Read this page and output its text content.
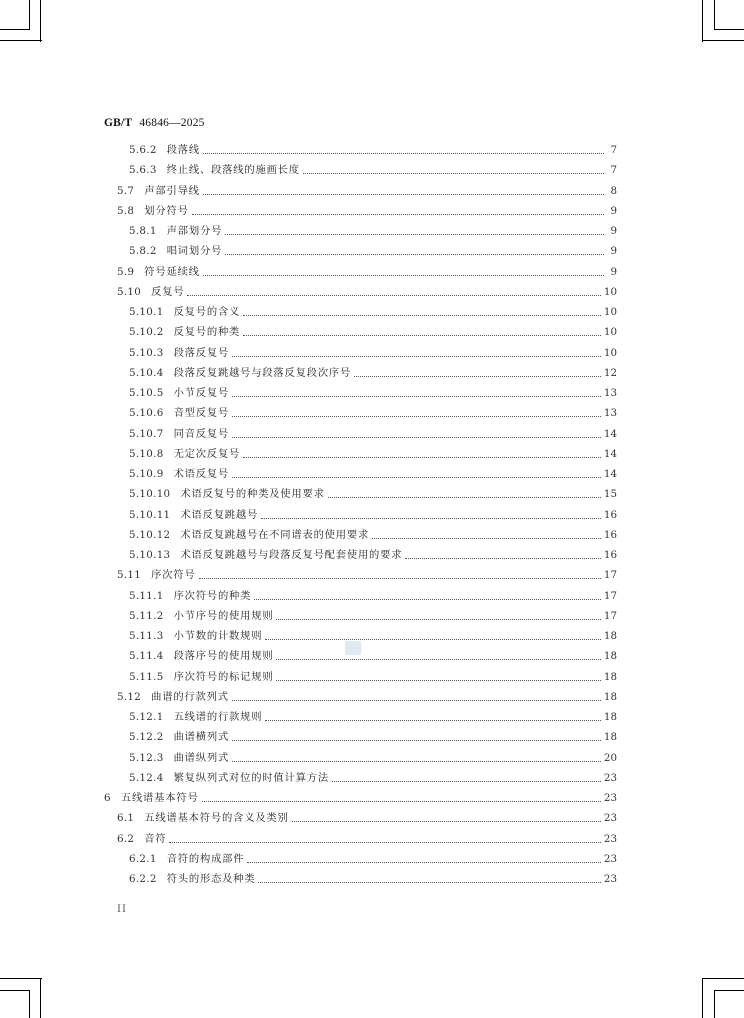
GB/T 46846—2025
5.6.2 段落线	7
5.6.3 终止线、段落线的施画长度	7
5.7 声部引导线	8
5.8 划分符号	9
5.8.1 声部划分号	9
5.8.2 唱词划分号	9
5.9 符号延续线	9
5.10 反复号	10
5.10.1 反复号的含义	10
5.10.2 反复号的种类	10
5.10.3 段落反复号	10
5.10.4 段落反复跳越号与段落反复段次序号	12
5.10.5 小节反复号	13
5.10.6 音型反复号	13
5.10.7 同音反复号	14
5.10.8 无定次反复号	14
5.10.9 术语反复号	14
5.10.10 术语反复号的种类及使用要求	15
5.10.11 术语反复跳越号	16
5.10.12 术语反复跳越号在不同谱表的使用要求	16
5.10.13 术语反复跳越号与段落反复号配套使用的要求	16
5.11 序次符号	17
5.11.1 序次符号的种类	17
5.11.2 小节序号的使用规则	17
5.11.3 小节数的计数规则	18
5.11.4 段落序号的使用规则	18
5.11.5 序次符号的标记规则	18
5.12 曲谱的行款列式	18
5.12.1 五线谱的行款规则	18
5.12.2 曲谱横列式	18
5.12.3 曲谱纵列式	20
5.12.4 繁复纵列式对位的时值计算方法	23
6 五线谱基本符号	23
6.1 五线谱基本符号的含义及类别	23
6.2 音符	23
6.2.1 音符的构成部件	23
6.2.2 符头的形态及种类	23
II
